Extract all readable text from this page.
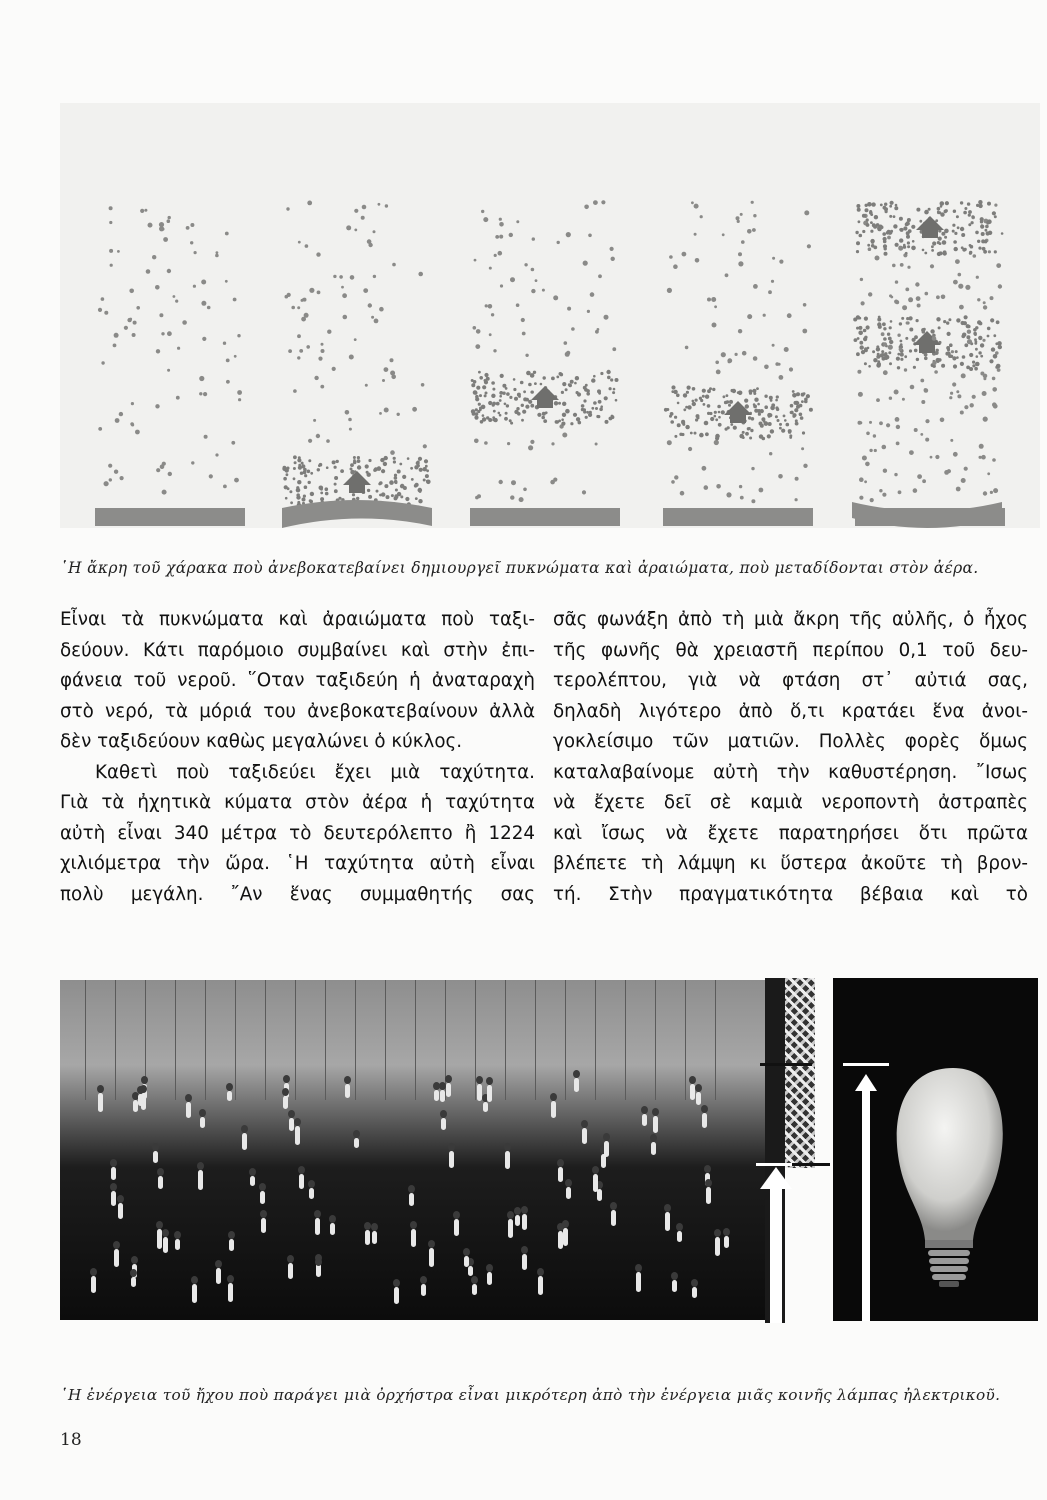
῾Η ἄκρη τοῦ χάρακα ποὺ ἀνεβοκατεβαίνει δημιουργεῖ πυκνώματα καὶ ἀραιώματα, ποὺ μεταδίδονται στὸν ἀέρα.

Εἶναι τὰ πυκνώματα καὶ ἀραιώματα ποὺ ταξι-
δεύουν. Κάτι παρόμοιο συμβαίνει καὶ στὴν ἐπι-
φάνεια τοῦ νεροῦ. ῞Οταν ταξιδεύη ἡ ἀναταραχὴ
στὸ νερό, τὰ μόριά του ἀνεβοκατεβαίνουν ἀλλὰ
δὲν ταξιδεύουν καθὼς μεγαλώνει ὁ κύκλος.

Καθετὶ ποὺ ταξιδεύει ἔχει μιὰ ταχύτητα.
Γιὰ τὰ ἠχητικὰ κύματα στὸν ἀέρα ἡ ταχύτητα
αὐτὴ εἶναι 340 μέτρα τὸ δευτερόλεπτο ἢ 1224
χιλιόμετρα τὴν ὥρα. ῾Η ταχύτητα αὐτὴ εἶναι
πολὺ μεγάλη. ῎Αν ἕνας συμμαθητής σας

σᾶς φωνάξη ἀπὸ τὴ μιὰ ἄκρη τῆς αὐλῆς, ὁ ἦχος
τῆς φωνῆς θὰ χρειαστῆ περίπου 0,1 τοῦ δευ-
τερολέπτου, γιὰ νὰ φτάση στ᾽ αὐτιά σας,
δηλαδὴ λιγότερο ἀπὸ ὅ,τι κρατάει ἕνα ἀνοι-
γοκλείσιμο τῶν ματιῶν. Πολλὲς φορὲς ὅμως
καταλαβαίνομε αὐτὴ τὴν καθυστέρηση. ῎Ισως
νὰ ἔχετε δεῖ σὲ καμιὰ νεροποντὴ ἀστραπὲς
καὶ ἴσως νὰ ἔχετε παρατηρήσει ὅτι πρῶτα
βλέπετε τὴ λάμψη κι ὕστερα ἀκοῦτε τὴ βρον-
τή. Στὴν πραγματικότητα βέβαια καὶ τὸ

῾Η ἐνέργεια τοῦ ἤχου ποὺ παράγει μιὰ ὀρχήστρα εἶναι μικρότερη ἀπὸ τὴν ἐνέργεια μιᾶς κοινῆς λάμπας ἠλεκτρικοῦ.
18
